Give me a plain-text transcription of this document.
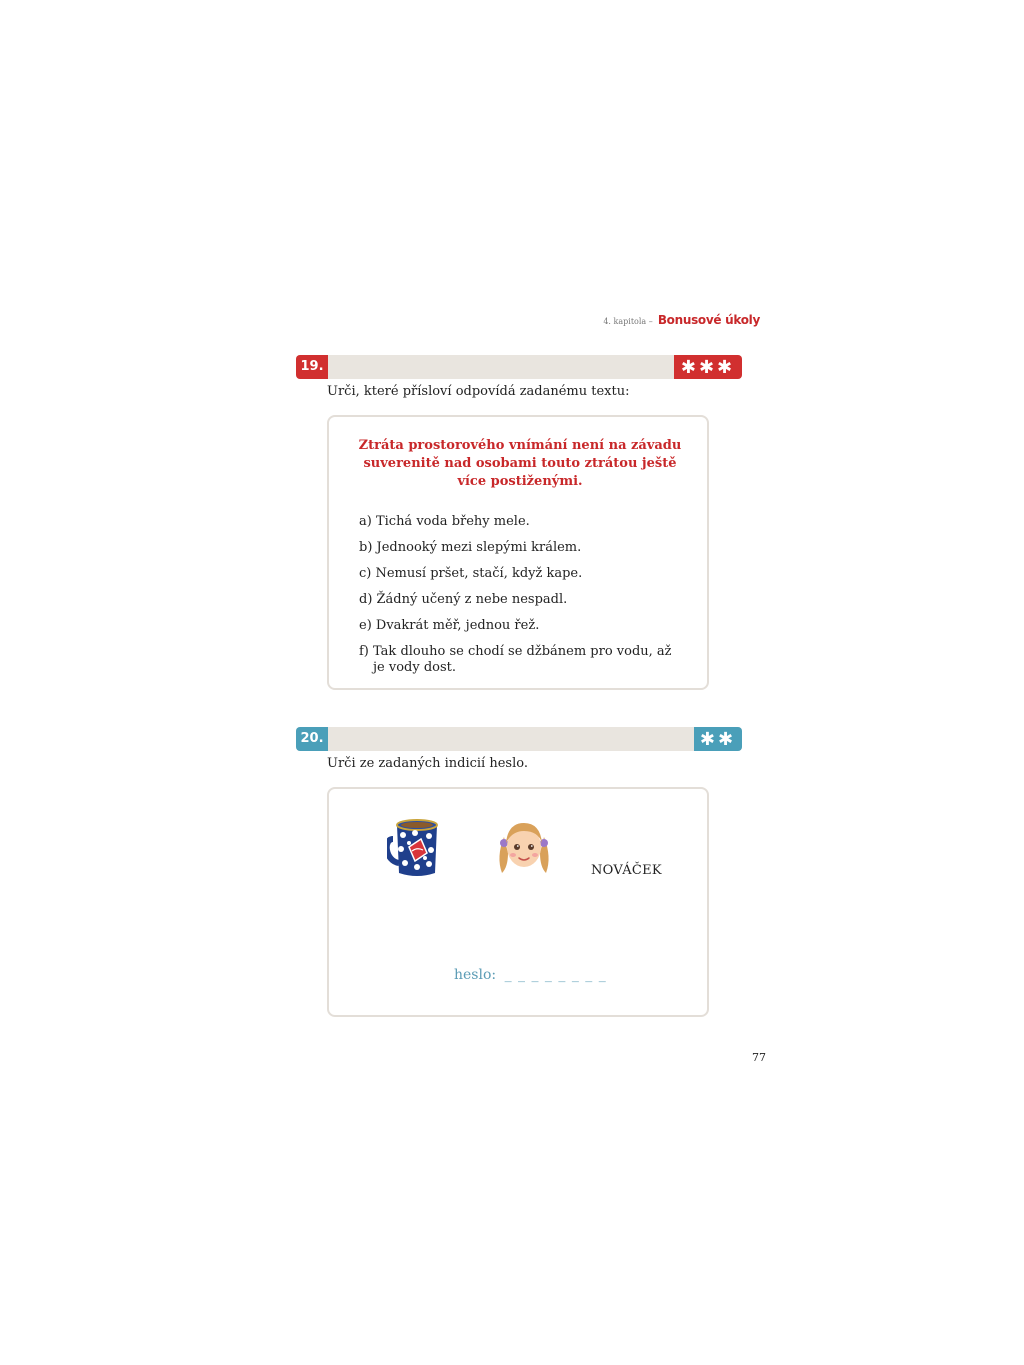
4. kapitola – Bonusové úkoly
19.	✱✱✱
Urči, které přísloví odpovídá zadanému textu:
Ztráta prostorového vnímání není na závadu suverenitě nad osobami touto ztrátou ještě více postiženými.
a) Tichá voda břehy mele.
b) Jednooký mezi slepými králem.
c) Nemusí pršet, stačí, když kape.
d) Žádný učený z nebe nespadl.
e) Dvakrát měř, jednou řež.
f) Tak dlouho se chodí se džbánem pro vodu, až je vody dost.
20.	✱✱
Urči ze zadaných indicií heslo.
NOVÁČEK
heslo: _ _ _ _ _ _ _ _
77
